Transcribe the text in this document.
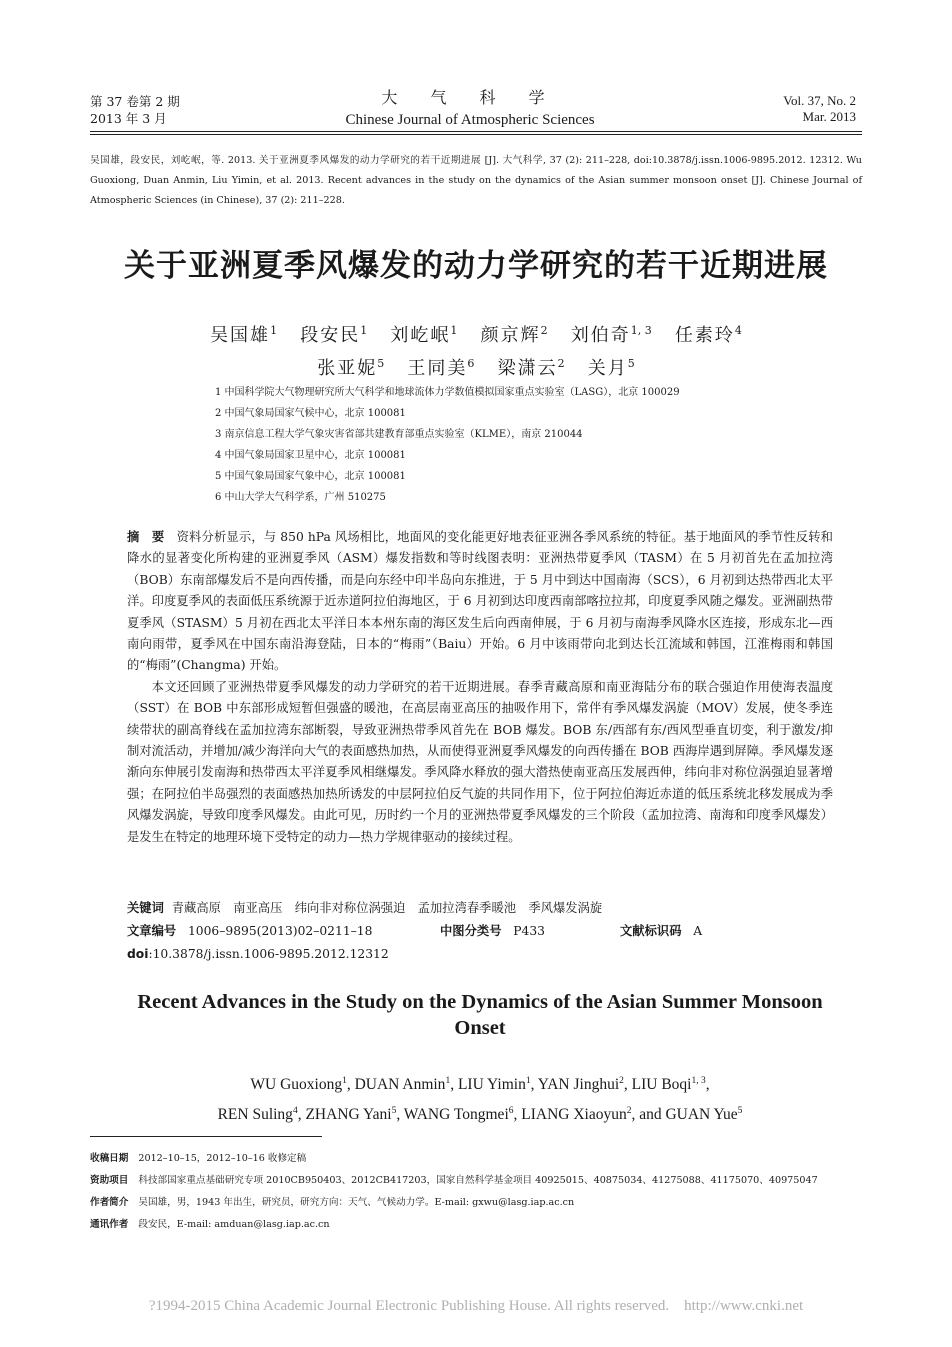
第 37 卷第 2 期
2013 年 3 月
大 气 科 学
Chinese Journal of Atmospheric Sciences
Vol. 37, No. 2
Mar. 2013
吴国雄，段安民，刘屹岷，等. 2013. 关于亚洲夏季风爆发的动力学研究的若干近期进展 [J]. 大气科学, 37 (2): 211–228, doi:10.3878/j.issn.1006-9895.2012. 12312. Wu Guoxiong, Duan Anmin, Liu Yimin, et al. 2013. Recent advances in the study on the dynamics of the Asian summer monsoon onset [J]. Chinese Journal of Atmospheric Sciences (in Chinese), 37 (2): 211–228.
关于亚洲夏季风爆发的动力学研究的若干近期进展
吴国雄$^1$ 段安民$^1$ 刘屹岷$^1$ 颜京辉$^2$ 刘伯奇$^{1, 3}$ 任素玲$^4$
张亚妮$^5$ 王同美$^6$ 梁潇云$^2$ 关月$^5$
1 中国科学院大气物理研究所大气科学和地球流体力学数值模拟国家重点实验室（LASG），北京 100029
2 中国气象局国家气候中心，北京 100081
3 南京信息工程大学气象灾害省部共建教育部重点实验室（KLME），南京 210044
4 中国气象局国家卫星中心，北京 100081
5 中国气象局国家气象中心，北京 100081
6 中山大学大气科学系，广州 510275

摘　要 资料分析显示，与 850 hPa 风场相比，地面风的变化能更好地表征亚洲各季风系统的特征。基于地面风的季节性反转和降水的显著变化所构建的亚洲夏季风（ASM）爆发指数和等时线图表明：亚洲热带夏季风（TASM）在 5 月初首先在孟加拉湾（BOB）东南部爆发后不是向西传播，而是向东经中印半岛向东推进，于 5 月中到达中国南海（SCS），6 月初到达热带西北太平洋。印度夏季风的表面低压系统源于近赤道阿拉伯海地区，于 6 月初到达印度西南部喀拉拉邦，印度夏季风随之爆发。亚洲副热带夏季风（STASM）5 月初在西北太平洋日本本州东南的海区发生后向西南伸展，于 6 月初与南海季风降水区连接，形成东北—西南向雨带，夏季风在中国东南沿海登陆，日本的“梅雨”（Baiu）开始。6 月中该雨带向北到达长江流域和韩国，江淮梅雨和韩国的“梅雨”(Changma) 开始。

本文还回顾了亚洲热带夏季风爆发的动力学研究的若干近期进展。春季青藏高原和南亚海陆分布的联合强迫作用使海表温度（SST）在 BOB 中东部形成短暂但强盛的暖池，在高层南亚高压的抽吸作用下，常伴有季风爆发涡旋（MOV）发展，使冬季连续带状的副高脊线在孟加拉湾东部断裂，导致亚洲热带季风首先在 BOB 爆发。BOB 东/西部有东/西风型垂直切变，利于激发/抑制对流活动，并增加/减少海洋向大气的表面感热加热，从而使得亚洲夏季风爆发的向西传播在 BOB 西海岸遇到屏障。季风爆发逐渐向东伸展引发南海和热带西太平洋夏季风相继爆发。季风降水释放的强大潜热使南亚高压发展西伸，纬向非对称位涡强迫显著增强；在阿拉伯半岛强烈的表面感热加热所诱发的中层阿拉伯反气旋的共同作用下，位于阿拉伯海近赤道的低压系统北移发展成为季风爆发涡旋，导致印度季风爆发。由此可见，历时约一个月的亚洲热带夏季风爆发的三个阶段（孟加拉湾、南海和印度季风爆发）是发生在特定的地理环境下受特定的动力—热力学规律驱动的接续过程。

关键词 青藏高原　南亚高压　纬向非对称位涡强迫　孟加拉湾春季暖池　季风爆发涡旋
文章编号 1006–9895(2013)02–0211–18	中图分类号 P433	文献标识码 A
doi:10.3878/j.issn.1006-9895.2012.12312
Recent Advances in the Study on the Dynamics of the Asian Summer Monsoon Onset
WU Guoxiong$^1$, DUAN Anmin$^1$, LIU Yimin$^1$, YAN Jinghui$^2$, LIU Boqi$^{1, 3}$,
REN Suling$^4$, ZHANG Yani$^5$, WANG Tongmei$^6$, LIANG Xiaoyun$^2$, and GUAN Yue$^5$
收稿日期 2012–10–15，2012–10–16 收修定稿
资助项目 科技部国家重点基础研究专项 2010CB950403、2012CB417203，国家自然科学基金项目 40925015、40875034、41275088、41175070、40975047
作者简介 吴国雄，男，1943 年出生，研究员，研究方向：天气、气候动力学。E-mail: gxwu@lasg.iap.ac.cn
通讯作者 段安民，E-mail: amduan@lasg.iap.ac.cn
?1994-2015 China Academic Journal Electronic Publishing House. All rights reserved.    http://www.cnki.net
